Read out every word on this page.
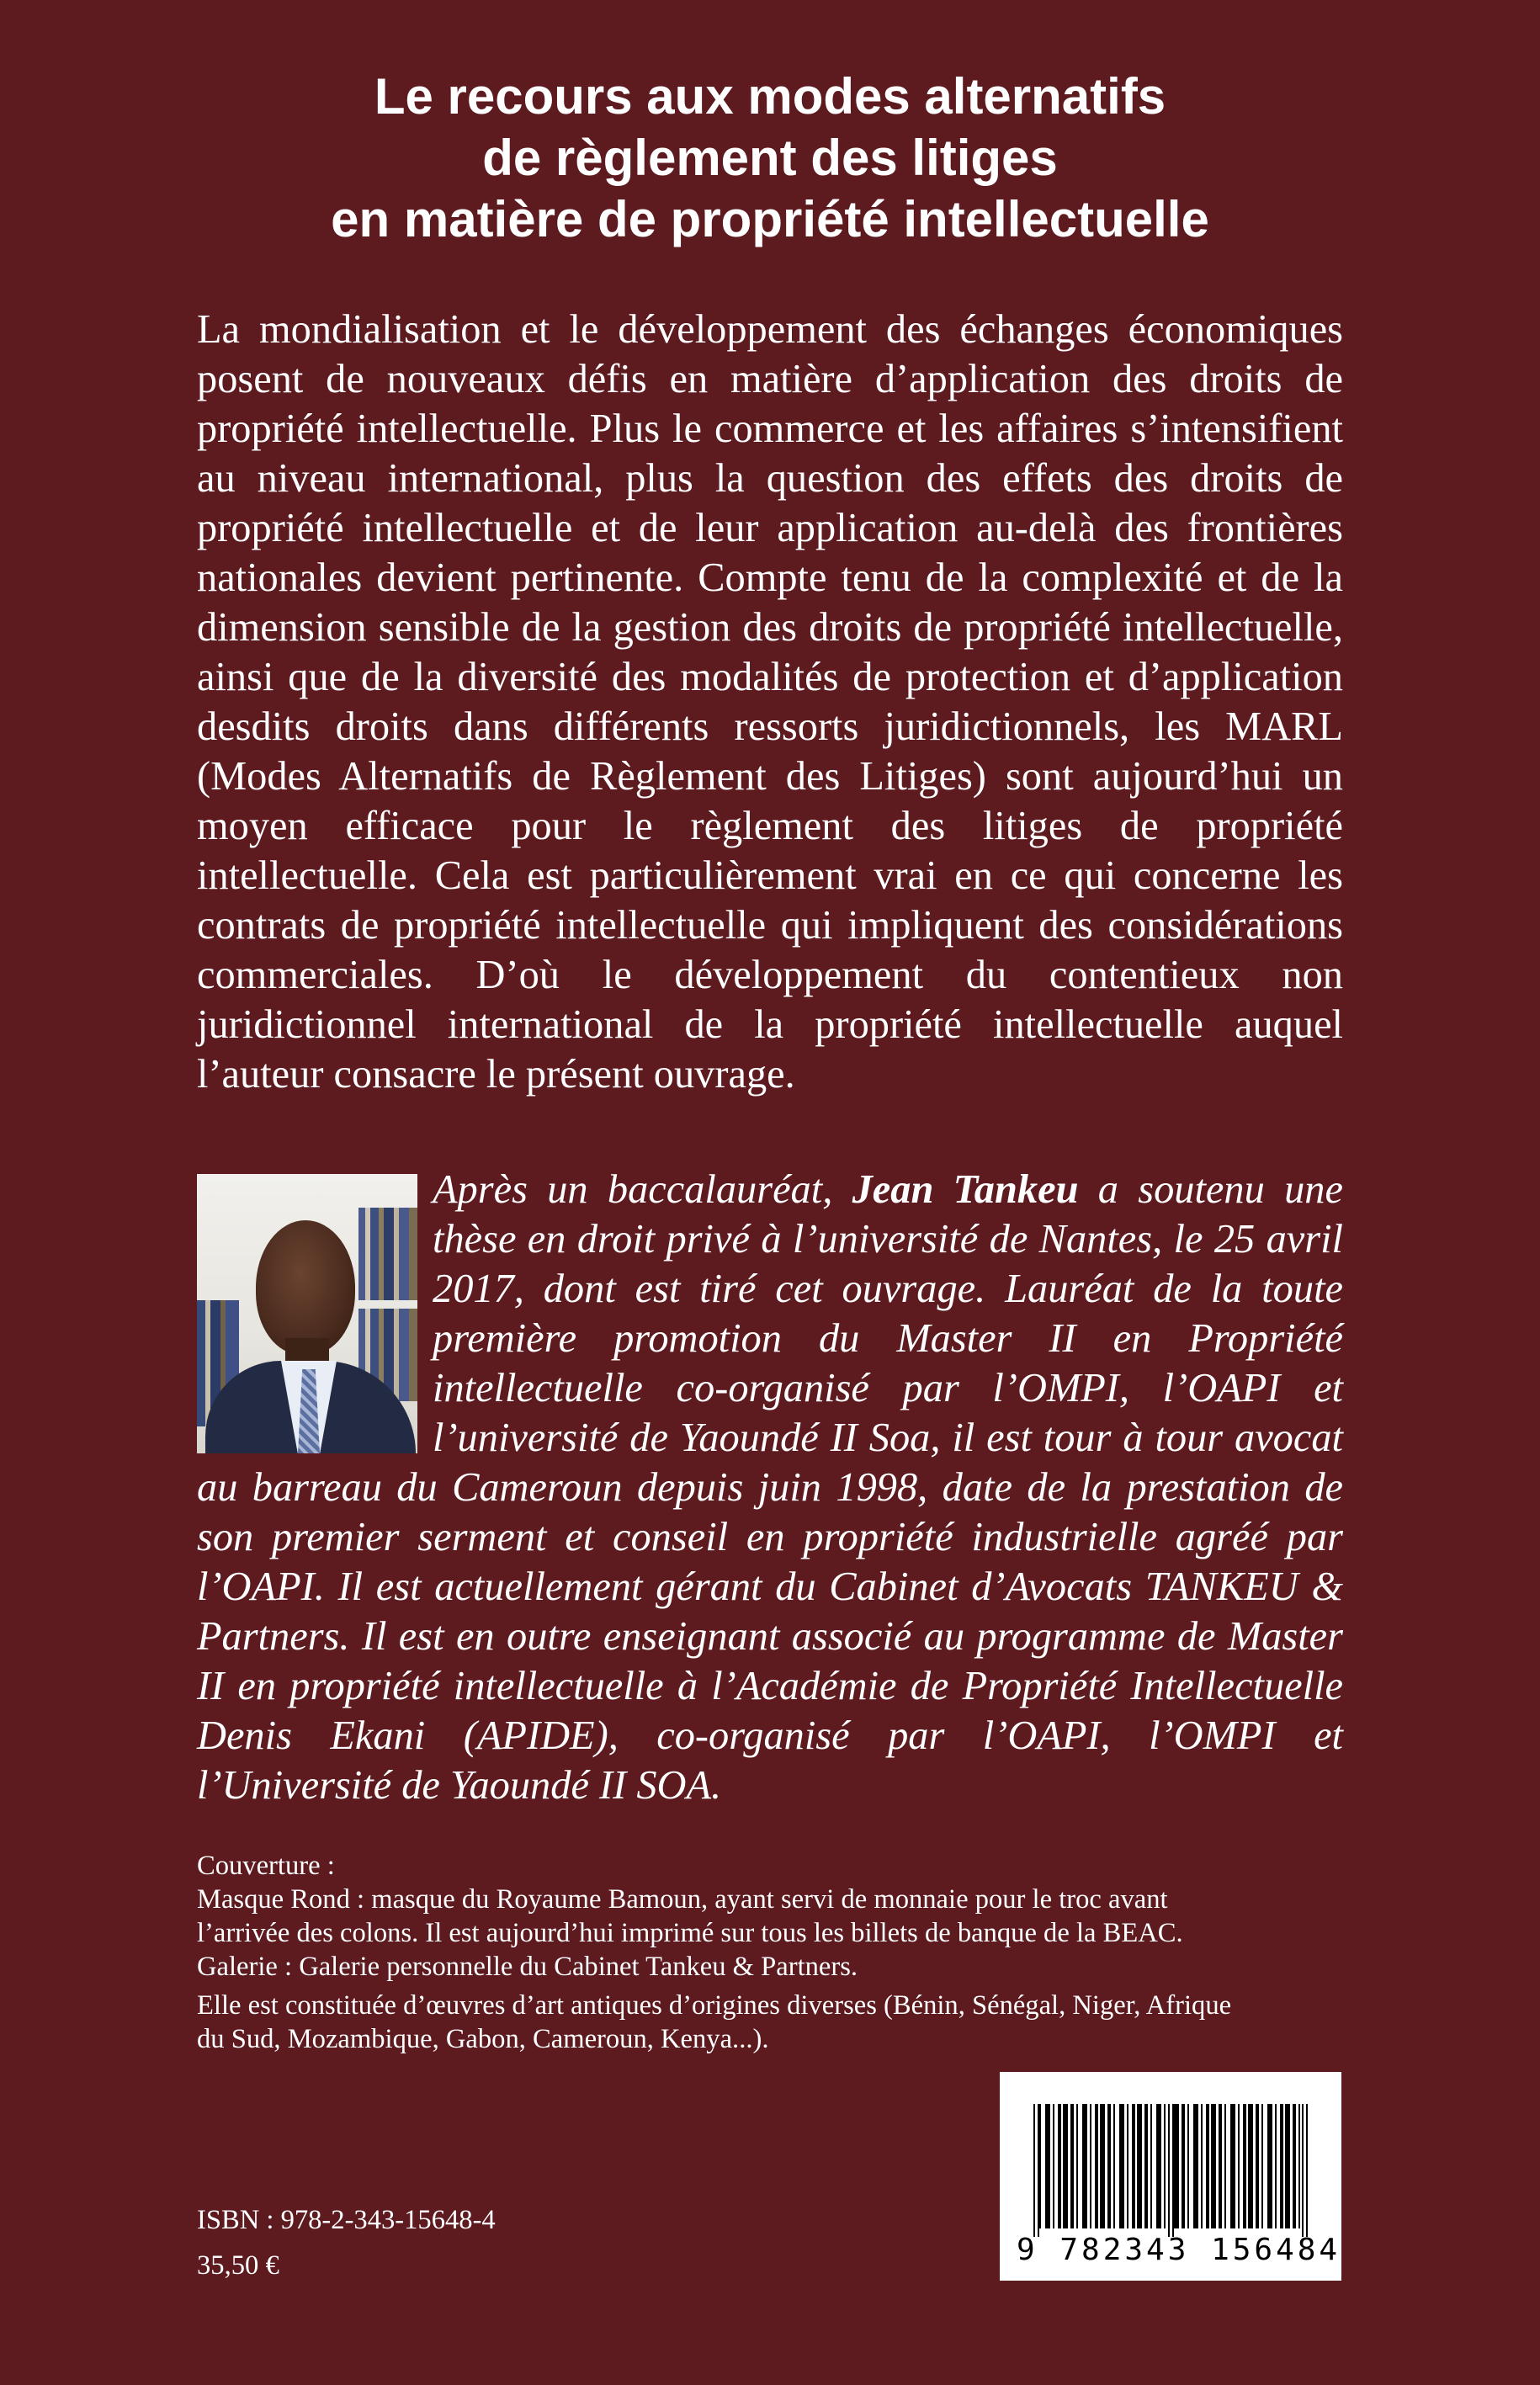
Le recours aux modes alternatifs
de règlement des litiges
en matière de propriété intellectuelle

La mondialisation et le développement des échanges économiques posent de nouveaux défis en matière d’application des droits de propriété intellectuelle. Plus le commerce et les affaires s’intensifient au niveau international, plus la question des effets des droits de propriété intellectuelle et de leur application au-delà des frontières nationales devient pertinente. Compte tenu de la complexité et de la dimension sensible de la gestion des droits de propriété intellectuelle, ainsi que de la diversité des modalités de protection et d’application desdits droits dans différents ressorts juridictionnels, les MARL (Modes Alternatifs de Règlement des Litiges) sont aujourd’hui un moyen efficace pour le règlement des litiges de propriété intellectuelle. Cela est particulièrement vrai en ce qui concerne les contrats de propriété intellectuelle qui impliquent des considérations commerciales. D’où le développement du contentieux non juridictionnel international de la propriété intellectuelle auquel l’auteur consacre le présent ouvrage.

Après un baccalauréat, Jean Tankeu a soutenu une thèse en droit privé à l’université de Nantes, le 25 avril 2017, dont est tiré cet ouvrage. Lauréat de la toute première promotion du Master II en Propriété intellectuelle co-organisé par l’OMPI, l’OAPI et l’université de Yaoundé II Soa, il est tour à tour avocat au barreau du Cameroun depuis juin 1998, date de la prestation de son premier serment et conseil en propriété industrielle agréé par l’OAPI. Il est actuellement gérant du Cabinet d’Avocats TANKEU & Partners. Il est en outre enseignant associé au programme de Master II en propriété intellectuelle à l’Académie de Propriété Intellectuelle Denis Ekani (APIDE), co-organisé par l’OAPI, l’OMPI et l’Université de Yaoundé II SOA.

Couverture :
Masque Rond : masque du Royaume Bamoun, ayant servi de monnaie pour le troc avant
l’arrivée des colons. Il est aujourd’hui imprimé sur tous les billets de banque de la BEAC.
Galerie : Galerie personnelle du Cabinet Tankeu & Partners.
Elle est constituée d’œuvres d’art antiques d’origines diverses (Bénin, Sénégal, Niger, Afrique
du Sud, Mozambique, Gabon, Cameroun, Kenya...).
ISBN : 978-2-343-15648-4
35,50 €	9 782343 156484
